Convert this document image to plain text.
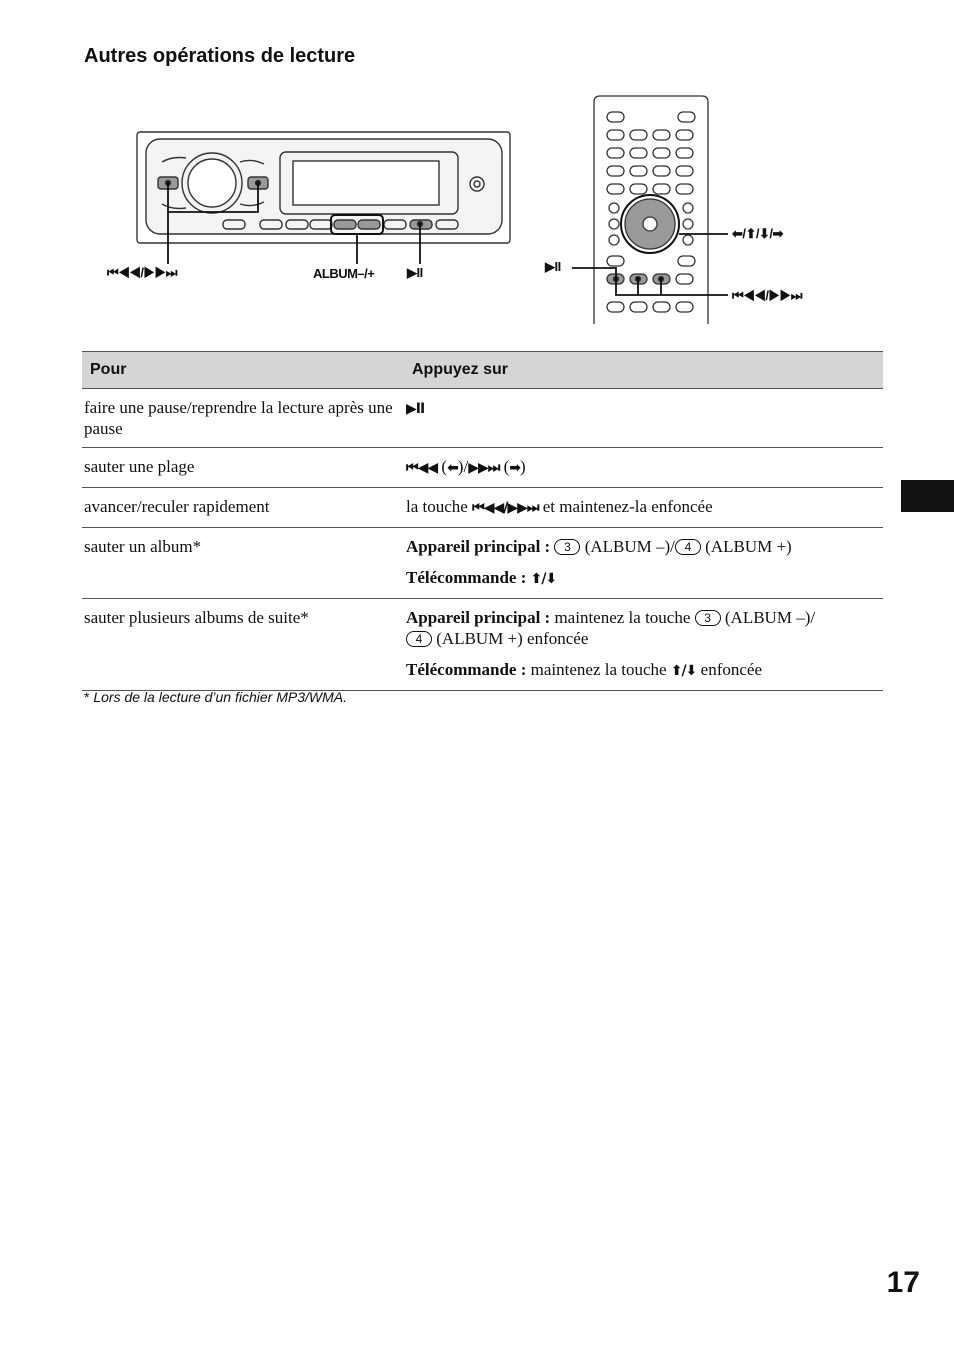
Autres opérations de lecture
⏮◀◀/▶▶⏭	ALBUM–/+	▶II	▶II
⬅/⬆/⬇/➡
⏮◀◀/▶▶⏭
Pour	Appuyez sur
faire une pause/reprendre la lecture après une pause	▶II
sauter une plage	⏮◀◀ (⬅)/▶▶⏭ (➡)
avancer/reculer rapidement	la touche ⏮◀◀/▶▶⏭ et maintenez-la enfoncée
sauter un album*	Appareil principal : 3 (ALBUM –)/ 4 (ALBUM +)
Télécommande : ⬆/⬇

sauter plusieurs albums de suite*	Appareil principal : maintenez la touche 3 (ALBUM –)/
4 (ALBUM +) enfoncée
Télécommande : maintenez la touche ⬆/⬇ enfoncée
* Lors de la lecture d’un fichier MP3/WMA.
17
